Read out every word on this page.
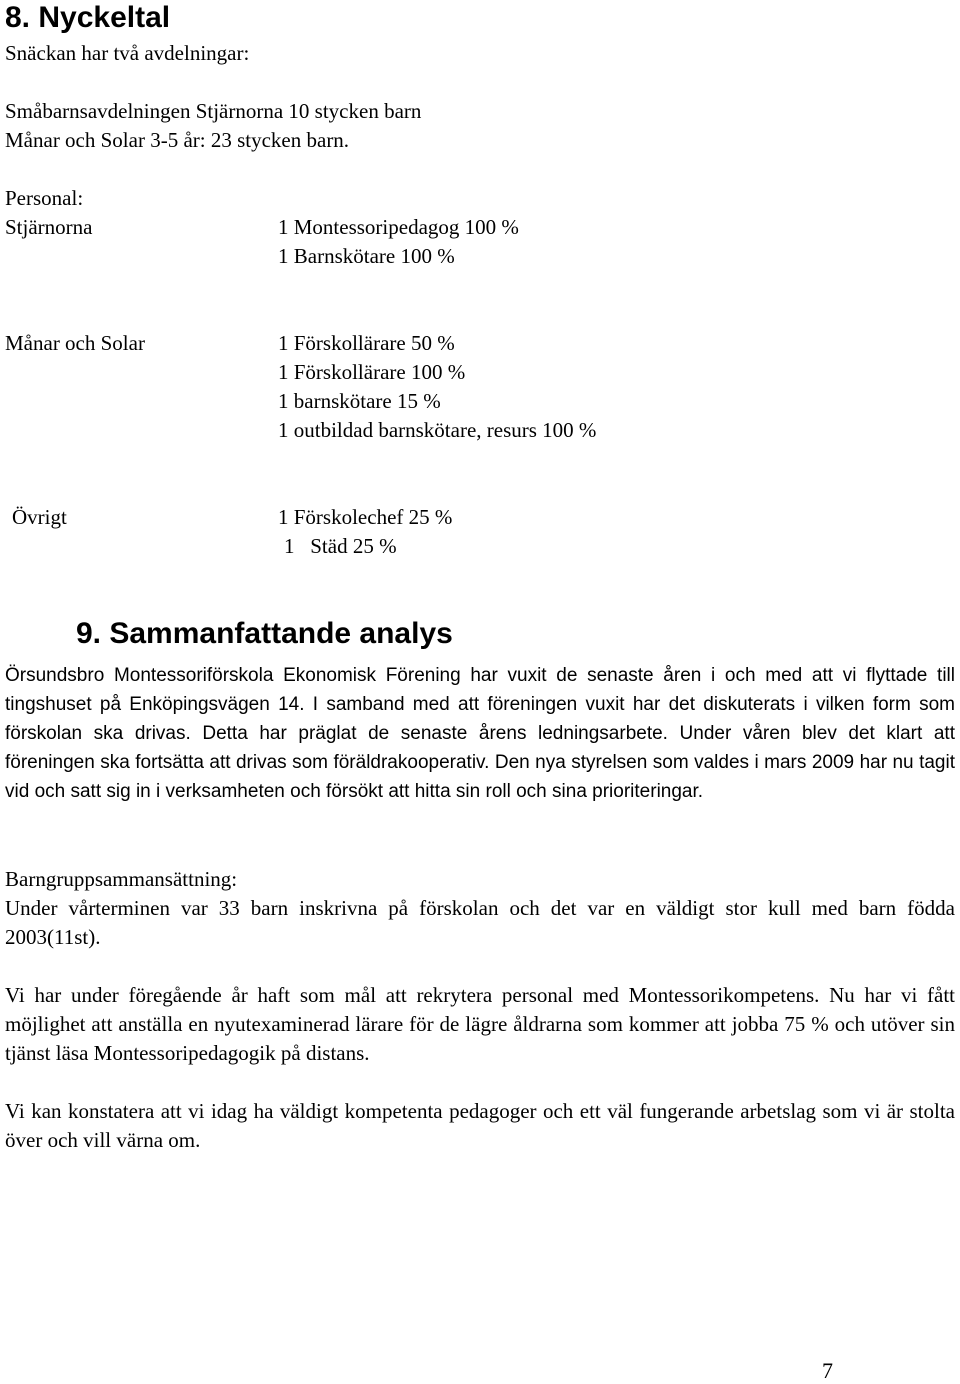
8. Nyckeltal
Snäckan har två avdelningar:
Småbarnsavdelningen Stjärnorna 10 stycken barn
Månar och Solar 3-5 år: 23 stycken barn.
Personal:
Stjärnorna	1 Montessoripedagog 100 %
1 Barnskötare 100 %
Månar och Solar	1 Förskollärare 50 %
1 Förskollärare 100 %
1 barnskötare 15 %
1 outbildad barnskötare, resurs 100 %
Övrigt	1 Förskolechef 25 %
1   Städ 25 %
9. Sammanfattande analys

Örsundsbro Montessoriförskola Ekonomisk Förening har vuxit de senaste åren i och med att vi flyttade till tingshuset på Enköpingsvägen 14. I samband med att föreningen vuxit har det diskuterats i vilken form som förskolan ska drivas. Detta har präglat de senaste årens ledningsarbete. Under våren blev det klart att föreningen ska fortsätta att drivas som föräldrakooperativ. Den nya styrelsen som valdes i mars 2009 har nu tagit vid och satt sig in i verksamheten och försökt att hitta sin roll och sina prioriteringar.

Barngruppsammansättning:

Under vårterminen var 33 barn inskrivna på förskolan och det var en väldigt stor kull med barn födda 2003(11st).

Vi har under föregående år haft som mål att rekrytera personal med Montessorikompetens. Nu har vi fått möjlighet att anställa en nyutexaminerad lärare för de lägre åldrarna som kommer att jobba 75 % och utöver sin tjänst läsa Montessoripedagogik på distans.

Vi kan konstatera att vi idag ha väldigt kompetenta pedagoger och ett väl fungerande arbetslag som vi är stolta över och vill värna om.

7
